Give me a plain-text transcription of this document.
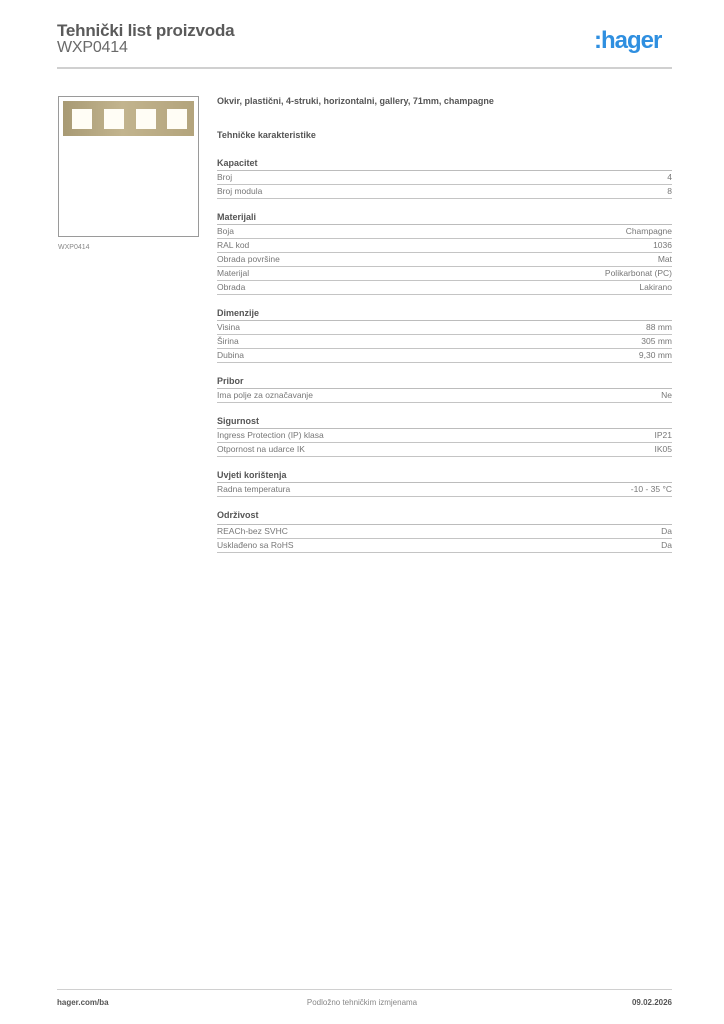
Tehnički list proizvoda
WXP0414	:hager
WXP0414
Okvir, plastični, 4-struki, horizontalni, gallery, 71mm, champagne
Tehničke karakteristike
Kapacitet
Broj	4
Broj modula	8
Materijali
Boja	Champagne
RAL kod	1036
Obrada površine	Mat
Materijal	Polikarbonat (PC)
Obrada	Lakirano
Dimenzije
Visina	88 mm
Širina	305 mm
Dubina	9,30 mm
Pribor
Ima polje za označavanje	Ne
Sigurnost
Ingress Protection (IP) klasa	IP21
Otpornost na udarce IK	IK05
Uvjeti korištenja
Radna temperatura	-10 - 35 °C
Održivost
REACh-bez SVHC	Da
Usklađeno sa RoHS	Da
hager.com/ba	Podložno tehničkim izmjenama	09.02.2026
